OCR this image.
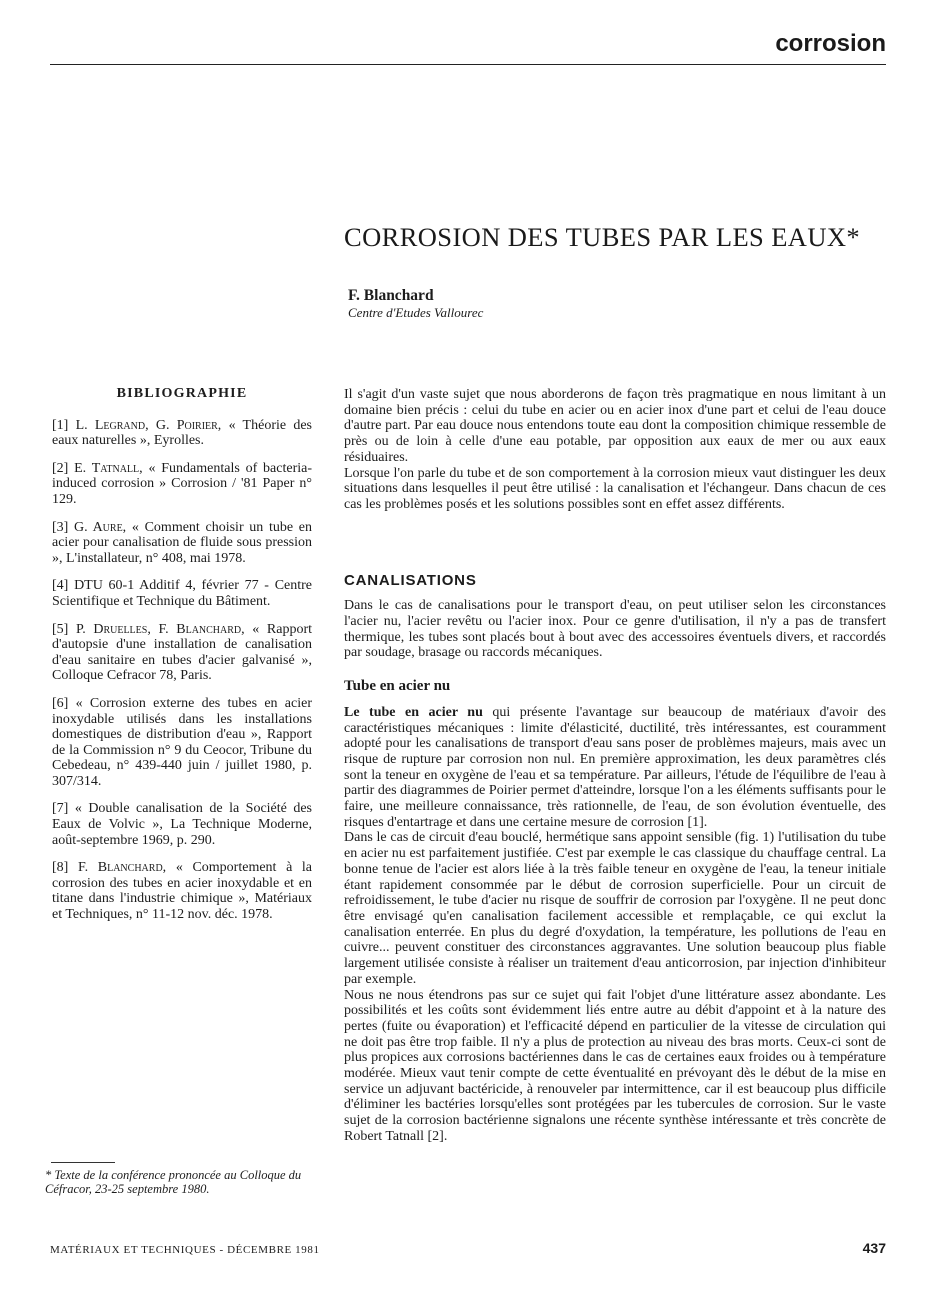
corrosion
CORROSION DES TUBES PAR LES EAUX*
F. Blanchard
Centre d'Etudes Vallourec
BIBLIOGRAPHIE

[1] L. Legrand, G. Poirier, « Théorie des eaux naturelles », Eyrolles.

[2] E. Tatnall, « Fundamentals of bacteria-induced corrosion » Corrosion / '81 Paper n° 129.

[3] G. Aure, « Comment choisir un tube en acier pour canalisation de fluide sous pression », L'installateur, n° 408, mai 1978.

[4] DTU 60-1 Additif 4, février 77 - Centre Scientifique et Technique du Bâtiment.

[5] P. Druelles, F. Blanchard, « Rapport d'autopsie d'une installation de canalisation d'eau sanitaire en tubes d'acier galvanisé », Colloque Cefracor 78, Paris.

[6] « Corrosion externe des tubes en acier inoxydable utilisés dans les installations domestiques de distribution d'eau », Rapport de la Commission n° 9 du Ceocor, Tribune du Cebedeau, n° 439-440 juin / juillet 1980, p. 307/314.

[7] « Double canalisation de la Société des Eaux de Volvic », La Technique Moderne, août-septembre 1969, p. 290.

[8] F. Blanchard, « Comportement à la corrosion des tubes en acier inoxydable et en titane dans l'industrie chimique », Matériaux et Techniques, n° 11-12 nov. déc. 1978.

* Texte de la conférence prononcée au Colloque du Céfracor, 23-25 septembre 1980.

Il s'agit d'un vaste sujet que nous aborderons de façon très pragmatique en nous limitant à un domaine bien précis : celui du tube en acier ou en acier inox d'une part et celui de l'eau douce d'autre part. Par eau douce nous entendons toute eau dont la composition chimique ressemble de près ou de loin à celle d'une eau potable, par opposition aux eaux de mer ou aux eaux résiduaires.

Lorsque l'on parle du tube et de son comportement à la corrosion mieux vaut distinguer les deux situations dans lesquelles il peut être utilisé : la canalisation et l'échangeur. Dans chacun de ces cas les problèmes posés et les solutions possibles sont en effet assez différents.

CANALISATIONS

Dans le cas de canalisations pour le transport d'eau, on peut utiliser selon les circonstances l'acier nu, l'acier revêtu ou l'acier inox. Pour ce genre d'utilisation, il n'y a pas de transfert thermique, les tubes sont placés bout à bout avec des accessoires éventuels divers, et raccordés par soudage, brasage ou raccords mécaniques.

Tube en acier nu

Le tube en acier nu qui présente l'avantage sur beaucoup de matériaux d'avoir des caractéristiques mécaniques : limite d'élasticité, ductilité, très intéressantes, est couramment adopté pour les canalisations de transport d'eau sans poser de problèmes majeurs, mais avec un risque de rupture par corrosion non nul. En première approximation, les deux paramètres clés sont la teneur en oxygène de l'eau et sa température. Par ailleurs, l'étude de l'équilibre de l'eau à partir des diagrammes de Poirier permet d'atteindre, lorsque l'on a les éléments suffisants pour le faire, une meilleure connaissance, très rationnelle, de l'eau, de son évolution éventuelle, des risques d'entartrage et dans une certaine mesure de corrosion [1].

Dans le cas de circuit d'eau bouclé, hermétique sans appoint sensible (fig. 1) l'utilisation du tube en acier nu est parfaitement justifiée. C'est par exemple le cas classique du chauffage central. La bonne tenue de l'acier est alors liée à la très faible teneur en oxygène de l'eau, la teneur initiale étant rapidement consommée par le début de corrosion superficielle. Pour un circuit de refroidissement, le tube d'acier nu risque de souffrir de corrosion par l'oxygène. Il ne peut donc être envisagé qu'en canalisation facilement accessible et remplaçable, ce qui exclut la canalisation enterrée. En plus du degré d'oxydation, la température, les pollutions de l'eau en cuivre... peuvent constituer des circonstances aggravantes. Une solution beaucoup plus fiable largement utilisée consiste à réaliser un traitement d'eau anticorrosion, par injection d'inhibiteur par exemple.

Nous ne nous étendrons pas sur ce sujet qui fait l'objet d'une littérature assez abondante. Les possibilités et les coûts sont évidemment liés entre autre au débit d'appoint et à la nature des pertes (fuite ou évaporation) et l'efficacité dépend en particulier de la vitesse de circulation qui ne doit pas être trop faible. Il n'y a plus de protection au niveau des bras morts. Ceux-ci sont de plus propices aux corrosions bactériennes dans le cas de certaines eaux froides ou à température modérée. Mieux vaut tenir compte de cette éventualité en prévoyant dès le début de la mise en service un adjuvant bactéricide, à renouveler par intermittence, car il est beaucoup plus difficile d'éliminer les bactéries lorsqu'elles sont protégées par les tubercules de corrosion. Sur le vaste sujet de la corrosion bactérienne signalons une récente synthèse intéressante et très concrète de Robert Tatnall [2].

MATÉRIAUX ET TECHNIQUES - DÉCEMBRE 1981	437
